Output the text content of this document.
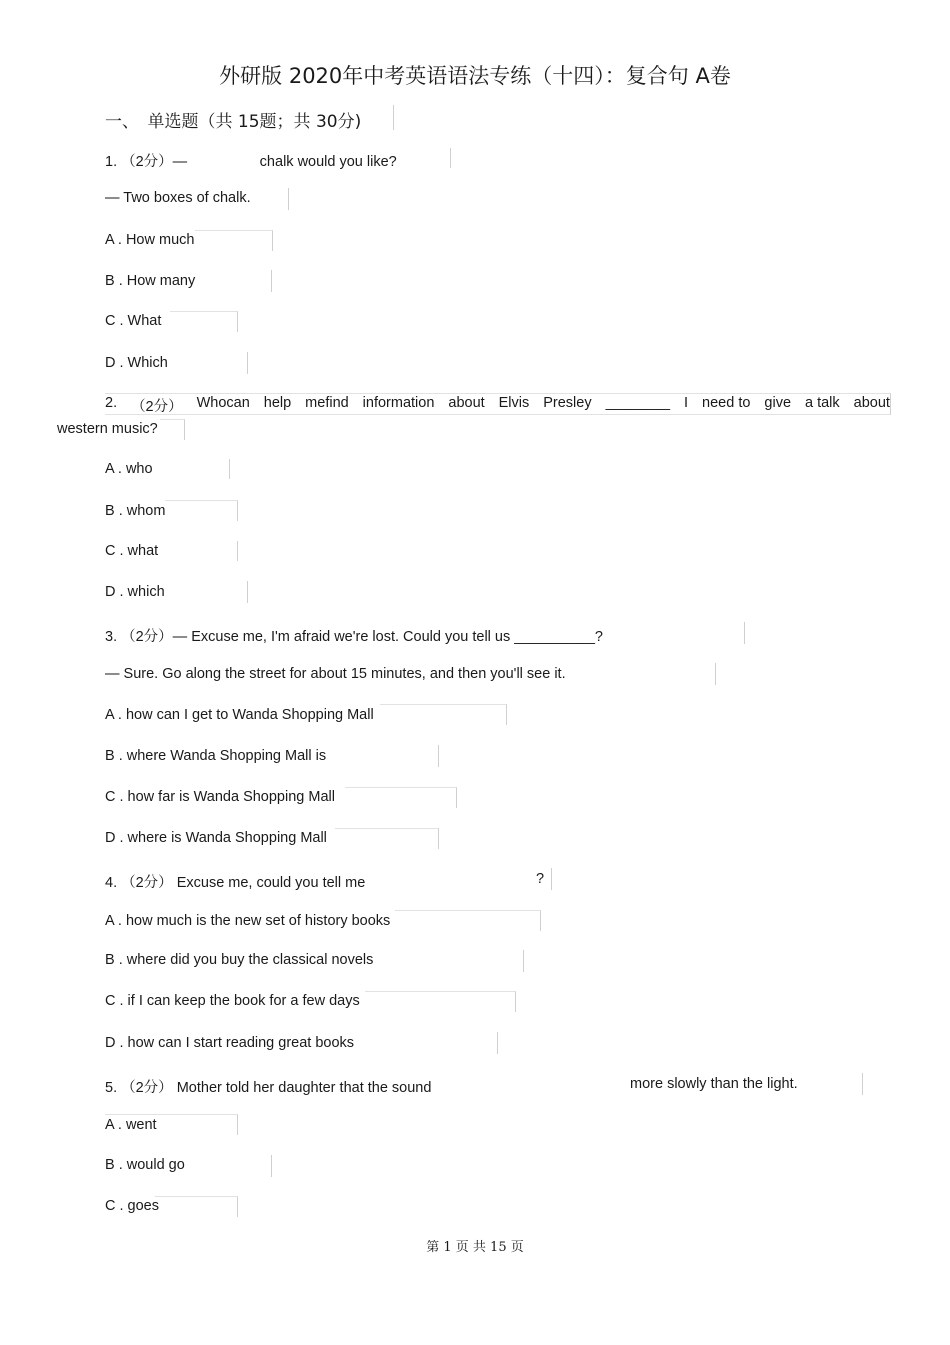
外研版 2020年中考英语语法专练（十四）：复合句 A卷
一、　单选题（共 15题；共 30分)
1. （2分）—　　　　　chalk would you like?
— Two boxes of chalk.
A . How much
B . How many
C . What
D . Which
2. （2分） Whocan help mefind information about Elvis Presley ________ I need to give a talk about
western music?
A . who
B . whom
C . what
D . which
3. （2分）— Excuse me, I'm afraid we're lost. Could you tell us __________?
— Sure. Go along the street for about 15 minutes, and then you'll see it.
A . how can I get to Wanda Shopping Mall
B . where Wanda Shopping Mall is
C . how far is Wanda Shopping Mall
D . where is Wanda Shopping Mall
4. （2分） Excuse me, could you tell me	?
A . how much is the new set of history books
B . where did you buy the classical novels
C . if I can keep the book for a few days
D . how can I start reading great books
5. （2分） Mother told her daughter that the sound	more slowly than the light.
A . went
B . would go
C . goes
第 1 页 共 15 页
